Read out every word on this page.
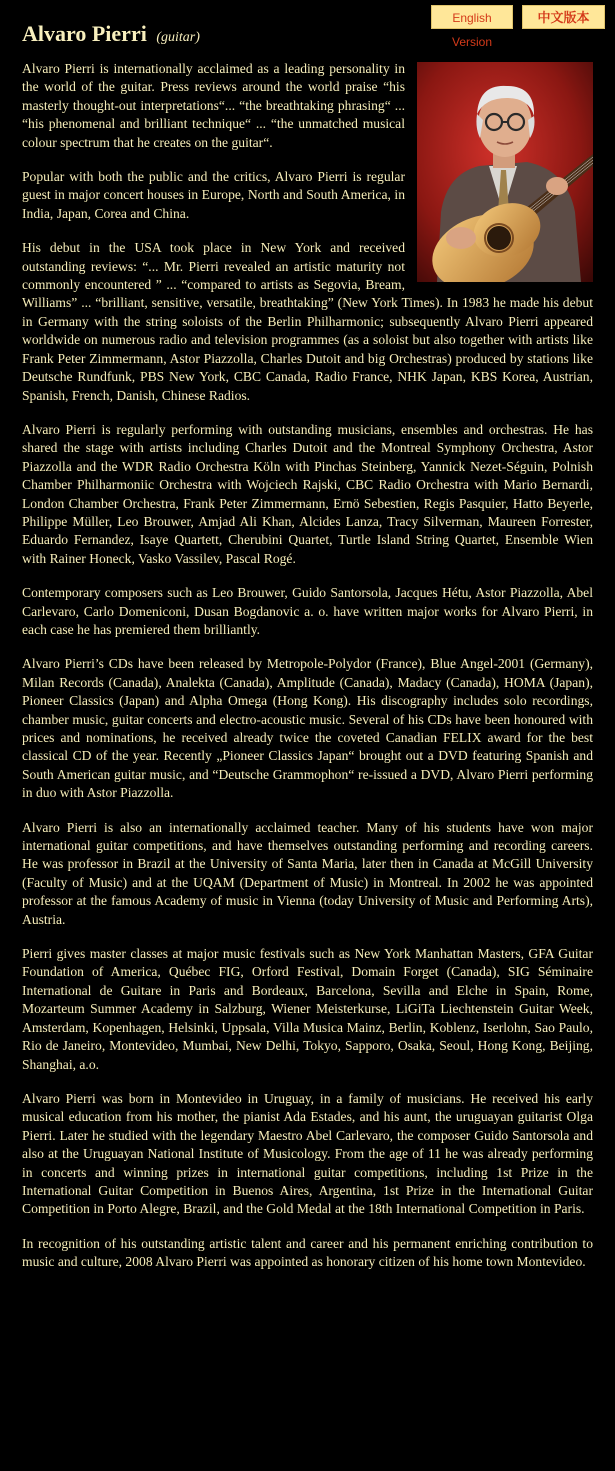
English Version
中文版本
Alvaro Pierri (guitar)

Alvaro Pierri is internationally acclaimed as a leading personality in the world of the guitar. Press reviews around the world praise “his masterly thought-out interpretations“... “the breathtaking phrasing“ ... “his phenomenal and brilliant technique“ ... “the unmatched musical colour spectrum that he creates on the guitar“.

Popular with both the public and the critics, Alvaro Pierri is regular guest in major concert houses in Europe, North and South America, in India, Japan, Corea and China.

His debut in the USA took place in New York and received outstanding reviews: “... Mr. Pierri revealed an artistic maturity not commonly encountered ” ... “compared to artists as Segovia, Bream, Williams” ... “brilliant, sensitive, versatile, breathtaking” (New York Times). In 1983 he made his debut in Germany with the string soloists of the Berlin Philharmonic; subsequently Alvaro Pierri appeared worldwide on numerous radio and television programmes (as a soloist but also together with artists like Frank Peter Zimmermann, Astor Piazzolla, Charles Dutoit and big Orchestras) produced by stations like Deutsche Rundfunk, PBS New York, CBC Canada, Radio France, NHK Japan, KBS Korea, Austrian, Spanish, French, Danish, Chinese Radios.

Alvaro Pierri is regularly performing with outstanding musicians, ensembles and orchestras. He has shared the stage with artists including Charles Dutoit and the Montreal Symphony Orchestra, Astor Piazzolla and the WDR Radio Orchestra Köln with Pinchas Steinberg, Yannick Nezet-Séguin, Polnish Chamber Philharmoniic Orchestra with Wojciech Rajski, CBC Radio Orchestra with Mario Bernardi, London Chamber Orchestra, Frank Peter Zimmermann, Ernö Sebestien, Regis Pasquier, Hatto Beyerle, Philippe Müller, Leo Brouwer, Amjad Ali Khan, Alcides Lanza, Tracy Silverman, Maureen Forrester, Eduardo Fernandez, Isaye Quartett, Cherubini Quartet, Turtle Island String Quartet, Ensemble Wien with Rainer Honeck, Vasko Vassilev, Pascal Rogé.

Contemporary composers such as Leo Brouwer, Guido Santorsola, Jacques Hétu, Astor Piazzolla, Abel Carlevaro, Carlo Domeniconi, Dusan Bogdanovic a. o. have written major works for Alvaro Pierri, in each case he has premiered them brilliantly.

Alvaro Pierri’s CDs have been released by Metropole-Polydor (France), Blue Angel-2001 (Germany), Milan Records (Canada), Analekta (Canada), Amplitude (Canada), Madacy (Canada), HOMA (Japan), Pioneer Classics (Japan) and Alpha Omega (Hong Kong). His discography includes solo recordings, chamber music, guitar concerts and electro-acoustic music. Several of his CDs have been honoured with prices and nominations, he received already twice the coveted Canadian FELIX award for the best classical CD of the year. Recently „Pioneer Classics Japan“ brought out a DVD featuring Spanish and South American guitar music, and “Deutsche Grammophon“ re-issued a DVD, Alvaro Pierri performing in duo with Astor Piazzolla.

Alvaro Pierri is also an internationally acclaimed teacher. Many of his students have won major international guitar competitions, and have themselves outstanding performing and recording careers. He was professor in Brazil at the University of Santa Maria, later then in Canada at McGill University (Faculty of Music) and at the UQAM (Department of Music) in Montreal. In 2002 he was appointed professor at the famous Academy of music in Vienna (today University of Music and Performing Arts), Austria.

Pierri gives master classes at major music festivals such as New York Manhattan Masters, GFA Guitar Foundation of America, Québec FIG, Orford Festival, Domain Forget (Canada), SIG Séminaire International de Guitare in Paris and Bordeaux, Barcelona, Sevilla and Elche in Spain, Rome, Mozarteum Summer Academy in Salzburg, Wiener Meisterkurse, LiGiTa Liechtenstein Guitar Week, Amsterdam, Kopenhagen, Helsinki, Uppsala, Villa Musica Mainz, Berlin, Koblenz, Iserlohn, Sao Paulo, Rio de Janeiro, Montevideo, Mumbai, New Delhi, Tokyo, Sapporo, Osaka, Seoul, Hong Kong, Beijing, Shanghai, a.o.

Alvaro Pierri was born in Montevideo in Uruguay, in a family of musicians. He received his early musical education from his mother, the pianist Ada Estades, and his aunt, the uruguayan guitarist Olga Pierri. Later he studied with the legendary Maestro Abel Carlevaro, the composer Guido Santorsola and also at the Uruguayan National Institute of Musicology. From the age of 11 he was already performing in concerts and winning prizes in international guitar competitions, including 1st Prize in the International Guitar Competition in Buenos Aires, Argentina, 1st Prize in the International Guitar Competition in Porto Alegre, Brazil, and the Gold Medal at the 18th International Competition in Paris.

In recognition of his outstanding artistic talent and career and his permanent enriching contribution to music and culture, 2008 Alvaro Pierri was appointed as honorary citizen of his home town Montevideo.
